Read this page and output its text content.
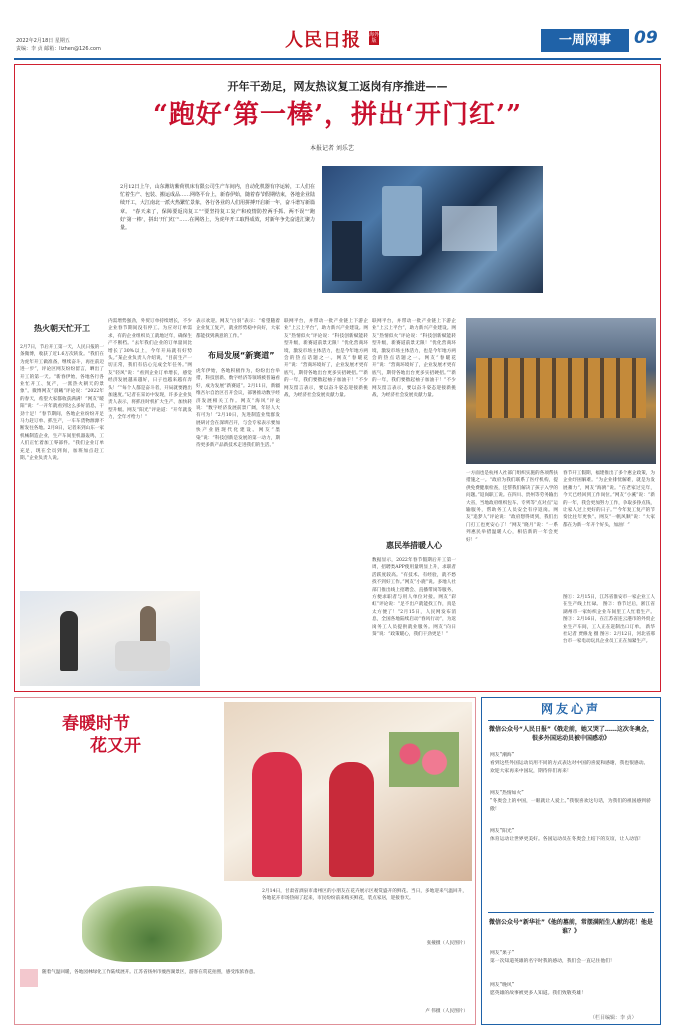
2022年2月18日 星期五
责编：李 贞 邮箱：lizhen@126.com	人民日报 海外版	一周网事	09
开年干劲足，网友热议复工返岗有序推进——
“跑好‘第一棒’，拼出‘开门红’”
本报记者 刘乐艺
2月12日上午，山东潍坊紫荷机床有限公司生产车间内，自动化机器有序运转，工人们在忙着生产、包装、搬运成品……网络平台上，新春伊始，随着春节假期结束，各地企业陆续开工，大江南北一派火热繁忙景象，各行各业的人们用拼搏开启新一年，奋斗谱写新篇章。 “春天来了，保障要返岗复工”“要坚持复工复产和疫情防控两手抓、两不误”“跑好‘第一棒’，拼出‘开门红’”……在网络上，为虎年开工取得成效，对新年争先奋进汇聚力量。
热火朝天忙开工
2月7日，节后开工第一天，人民日报的一条微博，收获了近1.6万次转发。“我们在为虎年开工做准备，继续奋斗，再往前迈进一步”，评论区网友纷纷留言，晒出了开工的第一天。“新春伊始，各地各行各业忙开工、复产，一派热火朝天的景象”。微博网友“晨曦”评论说：“2022年的春天，希望大家都收获满满！”网友“暖阳”说：“一开年就看到这么多好消息，干劲十足！”春节期间，各地企业纷纷开足马力赶订单、抓生产，一车车货物源源不断发往各地。2月8日，记者来到山东一家机械制造企业，生产车间里机器轰鸣，工人们正忙着加工零部件。“我们企业订单充足，现在全员到岗，加班加点赶工期。”企业负责人说。
内需增势强劲，外贸订单持续增长，不少企业春节期间没有停工。为应对订单需求，有的企业组织员工就地过年，确保生产不断档。“去年我们企业的订单量同比增长了30%以上，今年开局就有好势头。”某企业负责人介绍说，“目前生产一切正常，我们有信心完成全年任务。”网友“轻风”说：“看到企业订单增长，感觉经济发展越来越好，日子也越来越有奔头！”“每个人都是奋斗者，开局就要跑出加速度。”记者在采访中发现，许多企业负责人表示，将抓住时机扩大生产、加快转型升级。网友“阳光”评论道：“开年就发力，全年才给力！”
表示欢迎。网友“白羽”表示：“希望随着企业复工复产，就业形势稳中向好，大家都能找到满意的工作。”
布局发展“新赛道”
虎年伊始，各地积极作为，纷纷出台举措，科技创新、数字经济等领域被普遍看好，成为发展“新赛道”。2月11日，新疆维吾尔自治区召开会议，部署推动数字经济发展相关工作。网友“海风”评论说：“数字经济发展前景广阔，年轻人大有可为！”2月10日，先进制造业集群发展研讨会在深圳召开，与会专家表示要加快产业链现代化建设。网友“墨染”说：“科技创新是发展的第一动力，期待更多新产品新技术走进我们的生活。”
联网平台，并带动一批产业链上下游企业“上云上平台”，助力新兴产业建设。网友“热情似火”评论说：“科技创新赋能转型升级，新赛道前景无限！”优化营商环境，激发市场主体活力，也是今年地方两会的热点话题之一。网友“春暖花开”说：“营商环境好了，企业发展才更有底气，期待各地出台更多实招硬招。”“新的一年，我们要撸起袖子加油干！”不少网友留言表示，要以奋斗姿态迎接新挑战，为经济社会发展贡献力量。
联网平台，并带动一批产业链上下游企业“上云上平台”，助力新兴产业建设。网友“热情似火”评论说：“科技创新赋能转型升级，新赛道前景无限！”优化营商环境，激发市场主体活力，也是今年地方两会的热点话题之一。网友“春暖花开”说：“营商环境好了，企业发展才更有底气，期待各地出台更多实招硬招。”“新的一年，我们要撸起袖子加油干！”不少网友留言表示，要以奋斗姿态迎接新挑战，为经济社会发展贡献力量。
惠民举措暖人心
数据显示，2022年春节假期后开工第一周，招聘类APP使用量明显上升，求职者活跃度较高。“有技术、有经验，就不愁找不到好工作。”网友“小鹿”说。多地人社部门推出线上招聘会、直播带岗等服务，方便求职者与用人单位对接。网友“彩虹”评论说：“足不出户就能找工作，真是太方便了！”2月15日，人民网发布消息，全国各地陆续启动“春风行动”，为返岗务工人员提供就业服务。网友“向日葵”说：“政策暖心，我们干劲更足！”
一方面也是杭州人社部门组织实施的各项帮扶措施之一。“政府为我们联系了医疗机构，提供免费健康检查，还帮我们解决了孩子入学的问题。”返岗职工说。在四川、贵州等劳务输出大省，当地政府组织包车、专列等“点对点”运输服务，帮助务工人员安全有序返岗。网友“追梦人”评论说：“政府想得周到，我们出门打工也更安心了！”网友“晓月”说：“一系列惠民举措温暖人心，相信新的一年会更好！”
春节开工假期，福建推出了多个惠企政策，为企业纾困解难。“为企业排忧解难，就是为发展蓄力”，网友“海鸥”说。“在老家过完年，今天已经回到工作岗位。”网友“小溪”说：“新的一年，我会更加努力工作，争取多挣点钱，让家人过上更好的日子。”“今年复工复产的节奏比往年更快”。网友“一帆风顺”说：“大家都在为新一年开个好头，加油！”
图①：2月15日，江苏省淮安市一家企业工人在生产线上忙碌。 图②：春节过后，浙江省湖州市一家纺织企业车间里工人忙着生产。 图③：2月16日，在江苏省连云港市的外贸企业生产车间，工人正在赶制出口订单。 新华社记者 贾修龙 摄 图④：2月12日，河北省邢台市一家电动玩具企业员工正在加紧生产。
春暖时节
花又开
2月14日，甘肃省酒泉市肃州区的小朋友在花卉展示区观赏盛开的鲜花。当日，多地迎来气温回升，各地花卉市场热闹了起来，市民纷纷前来购买鲜花，装点家居，迎接春天。
张掖摄（人民图片）
随着气温回暖，各地园林绿化工作陆续展开。江苏省扬州市瘦西湖景区，游客在赏花拍照，感受浓浓春意。
卢 伟摄（人民图片）
网友心声
微信公众号“人民日报”《俄走前，她又哭了……这次冬奥会，很多外国运动员被中国感动》
网友“潮海”
看到这些外国运动员用不同的方式表达对中国的喜爱和感谢，我也很感动。欢迎大家再来中国玩，期待你们再来！
网友“热情如火”
“冬奥会上的中国，一眼就让人爱上。”我很喜欢这句话，为我们的祖国感到骄傲！
网友“阳光”
体育运动让世界更美好。各国运动员在冬奥会上结下的友谊，让人动容！
微信公众号“新华社”《他的墓前，常摆满陌生人献的花！他是谁？》
网友“果子”
第一次知道英雄的名字时我的感动，我们会一直记住他们！
网友“晚风”
愿英雄的故事被更多人知道。我们致敬英雄！
（栏目编辑：李 贞）
